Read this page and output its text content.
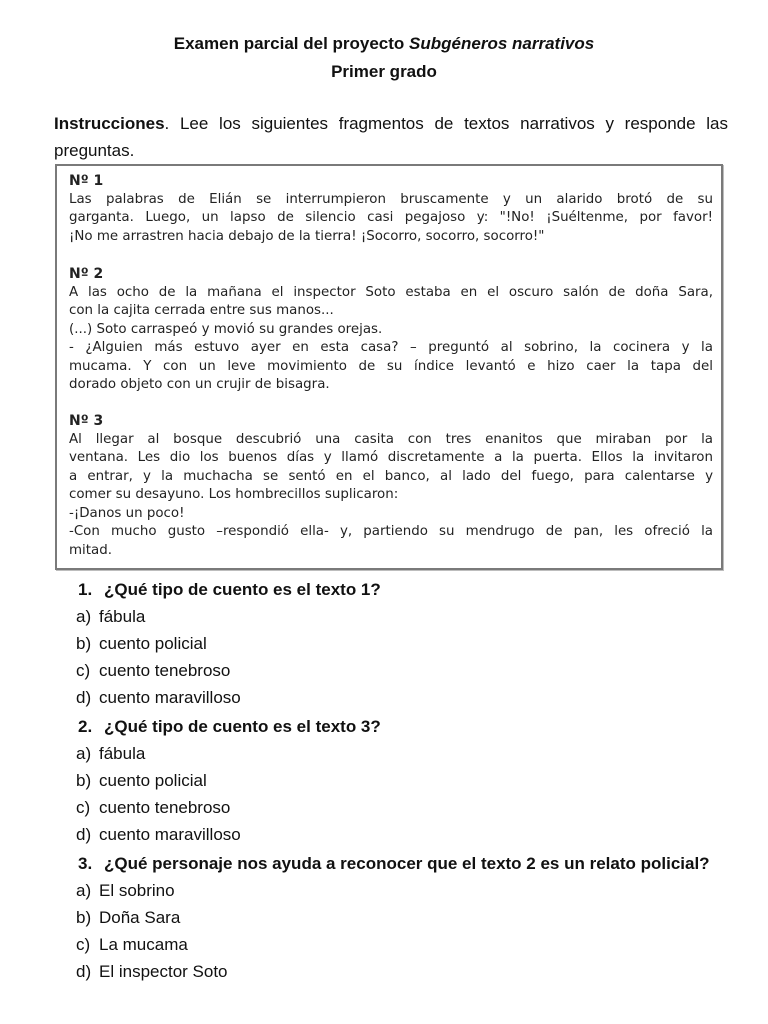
Examen parcial del proyecto Subgéneros narrativos
Primer grado
Instrucciones. Lee los siguientes fragmentos de textos narrativos y responde las preguntas.
Nº 1
Las palabras de Elián se interrumpieron bruscamente y un alarido brotó de su
garganta. Luego, un lapso de silencio casi pegajoso y: "!No! ¡Suéltenme, por favor!
¡No me arrastren hacia debajo de la tierra! ¡Socorro, socorro, socorro!"
Nº 2
A las ocho de la mañana el inspector Soto estaba en el oscuro salón de doña Sara,
con la cajita cerrada entre sus manos...
(...) Soto carraspeó y movió su grandes orejas.
- ¿Alguien más estuvo ayer en esta casa? – preguntó al sobrino, la cocinera y la
mucama. Y con un leve movimiento de su índice levantó e hizo caer la tapa del
dorado objeto con un crujir de bisagra.
Nº 3
Al llegar al bosque descubrió una casita con tres enanitos que miraban por la
ventana. Les dio los buenos días y llamó discretamente a la puerta. Ellos la invitaron
a entrar, y la muchacha se sentó en el banco, al lado del fuego, para calentarse y
comer su desayuno. Los hombrecillos suplicaron:
-¡Danos un poco!
-Con mucho gusto –respondió ella- y, partiendo su mendrugo de pan, les ofreció la
mitad.
1. ¿Qué tipo de cuento es el texto 1?
a) fábula
b) cuento policial
c) cuento tenebroso
d) cuento maravilloso
2. ¿Qué tipo de cuento es el texto 3?
a) fábula
b) cuento policial
c) cuento tenebroso
d) cuento maravilloso
3. ¿Qué personaje nos ayuda a reconocer que el texto 2 es un relato policial?
a) El sobrino
b) Doña Sara
c) La mucama
d) El inspector Soto
